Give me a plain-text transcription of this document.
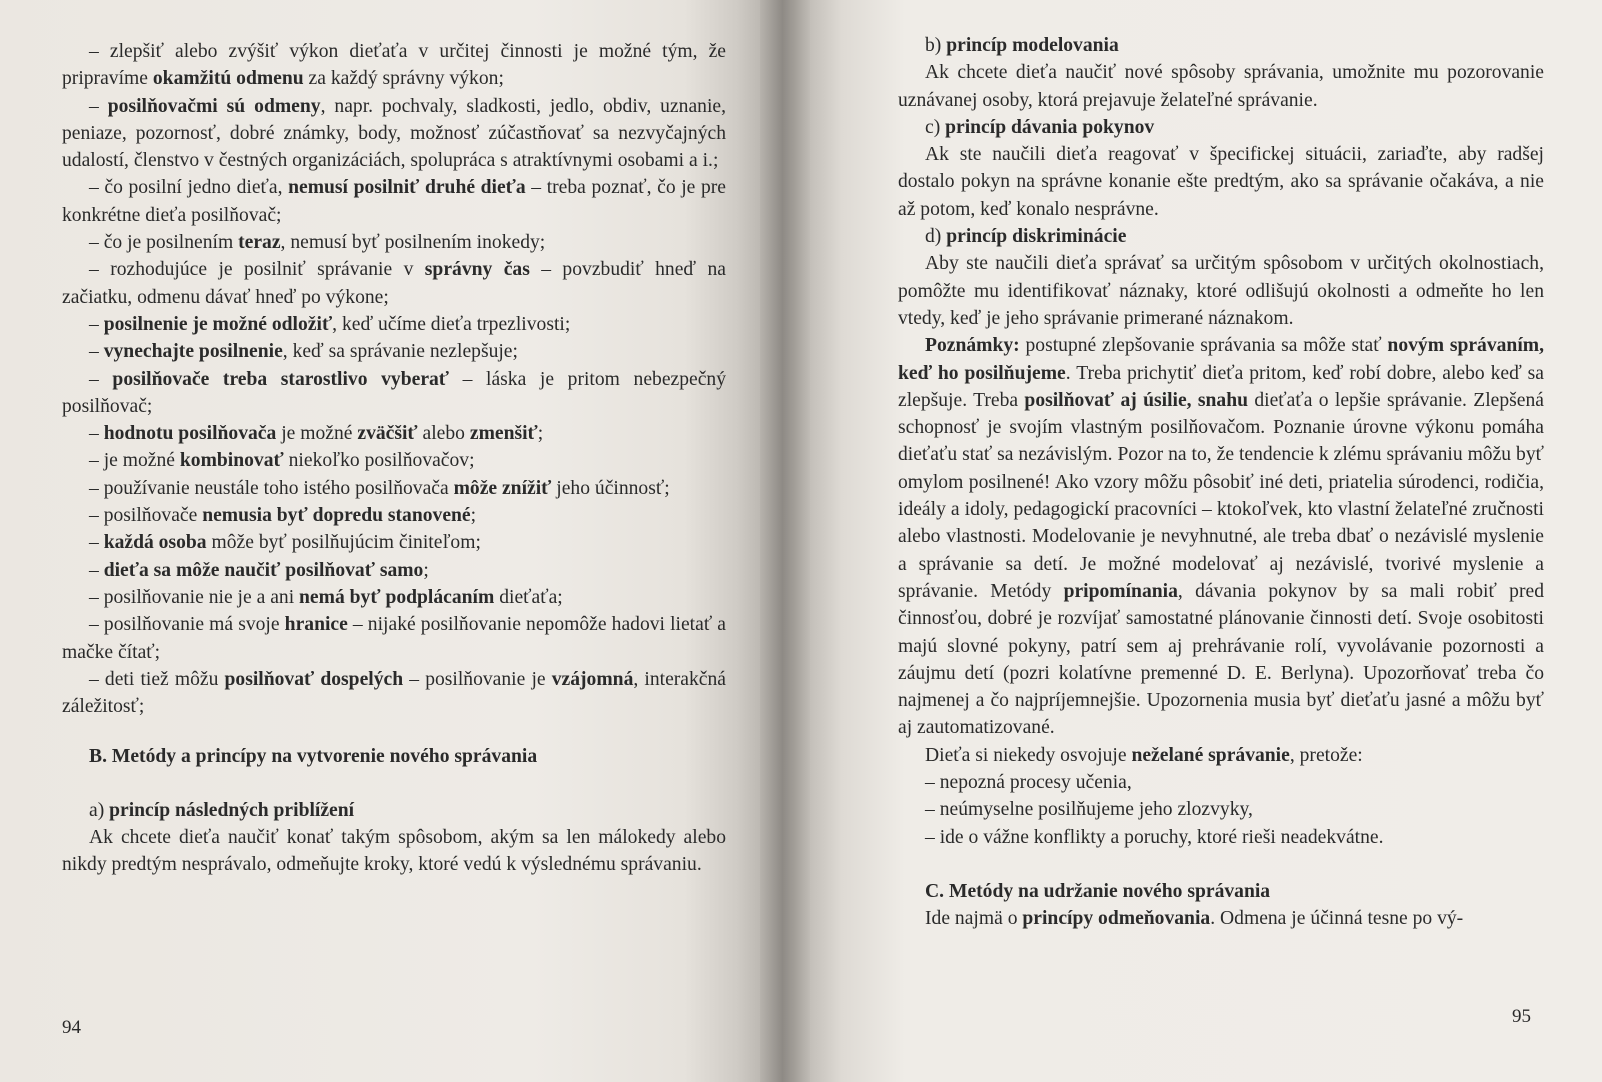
– zlepšiť alebo zvýšiť výkon dieťaťa v určitej činnosti je možné tým, že pripravíme okamžitú odmenu za každý správny výkon;

– posilňovačmi sú odmeny, napr. pochvaly, sladkosti, jedlo, obdiv, uznanie, peniaze, pozornosť, dobré známky, body, možnosť zúčastňovať sa nezvyčajných udalostí, členstvo v čestných organizáciách, spolupráca s atraktívnymi osobami a i.;

– čo posilní jedno dieťa, nemusí posilniť druhé dieťa – treba poznať, čo je pre konkrétne dieťa posilňovač;

– čo je posilnením teraz, nemusí byť posilnením inokedy;

– rozhodujúce je posilniť správanie v správny čas – povzbudiť hneď na začiatku, odmenu dávať hneď po výkone;

– posilnenie je možné odložiť, keď učíme dieťa trpezlivosti;

– vynechajte posilnenie, keď sa správanie nezlepšuje;

– posilňovače treba starostlivo vyberať – láska je pritom nebezpečný posilňovač;

– hodnotu posilňovača je možné zväčšiť alebo zmenšiť;

– je možné kombinovať niekoľko posilňovačov;

– používanie neustále toho istého posilňovača môže znížiť jeho účinnosť;

– posilňovače nemusia byť dopredu stanovené;

– každá osoba môže byť posilňujúcim činiteľom;

– dieťa sa môže naučiť posilňovať samo;

– posilňovanie nie je a ani nemá byť podplácaním dieťaťa;

– posilňovanie má svoje hranice – nijaké posilňovanie nepomôže hadovi lietať a mačke čítať;

– deti tiež môžu posilňovať dospelých – posilňovanie je vzájomná, interakčná záležitosť;

B. Metódy a princípy na vytvorenie nového správania

a) princíp následných priblížení

Ak chcete dieťa naučiť konať takým spôsobom, akým sa len málokedy alebo nikdy predtým nesprávalo, odmeňujte kroky, ktoré vedú k výslednému správaniu.

94

b) princíp modelovania

Ak chcete dieťa naučiť nové spôsoby správania, umožnite mu pozorovanie uznávanej osoby, ktorá prejavuje želateľné správanie.

c) princíp dávania pokynov

Ak ste naučili dieťa reagovať v špecifickej situácii, zariaďte, aby radšej dostalo pokyn na správne konanie ešte predtým, ako sa správanie očakáva, a nie až potom, keď konalo nesprávne.

d) princíp diskriminácie

Aby ste naučili dieťa správať sa určitým spôsobom v určitých okolnostiach, pomôžte mu identifikovať náznaky, ktoré odlišujú okolnosti a odmeňte ho len vtedy, keď je jeho správanie primerané náznakom.

Poznámky: postupné zlepšovanie správania sa môže stať novým správaním, keď ho posilňujeme. Treba prichytiť dieťa pritom, keď robí dobre, alebo keď sa zlepšuje. Treba posilňovať aj úsilie, snahu dieťaťa o lepšie správanie. Zlepšená schopnosť je svojím vlastným posilňovačom. Poznanie úrovne výkonu pomáha dieťaťu stať sa nezávislým. Pozor na to, že tendencie k zlému správaniu môžu byť omylom posilnené! Ako vzory môžu pôsobiť iné deti, priatelia súrodenci, rodičia, ideály a idoly, pedagogickí pracovníci – ktokoľvek, kto vlastní želateľné zručnosti alebo vlastnosti. Modelovanie je nevyhnutné, ale treba dbať o nezávislé myslenie a správanie sa detí. Je možné modelovať aj nezávislé, tvorivé myslenie a správanie. Metódy pripomínania, dávania pokynov by sa mali robiť pred činnosťou, dobré je rozvíjať samostatné plánovanie činnosti detí. Svoje osobitosti majú slovné pokyny, patrí sem aj prehrávanie rolí, vyvolávanie pozornosti a záujmu detí (pozri kolatívne premenné D. E. Berlyna). Upozorňovať treba čo najmenej a čo najpríjemnejšie. Upozornenia musia byť dieťaťu jasné a môžu byť aj zautomatizované.

Dieťa si niekedy osvojuje neželané správanie, pretože:

– nepozná procesy učenia,

– neúmyselne posilňujeme jeho zlozvyky,

– ide o vážne konflikty a poruchy, ktoré rieši neadekvátne.

C. Metódy na udržanie nového správania

Ide najmä o princípy odmeňovania. Odmena je účinná tesne po vý-

95
